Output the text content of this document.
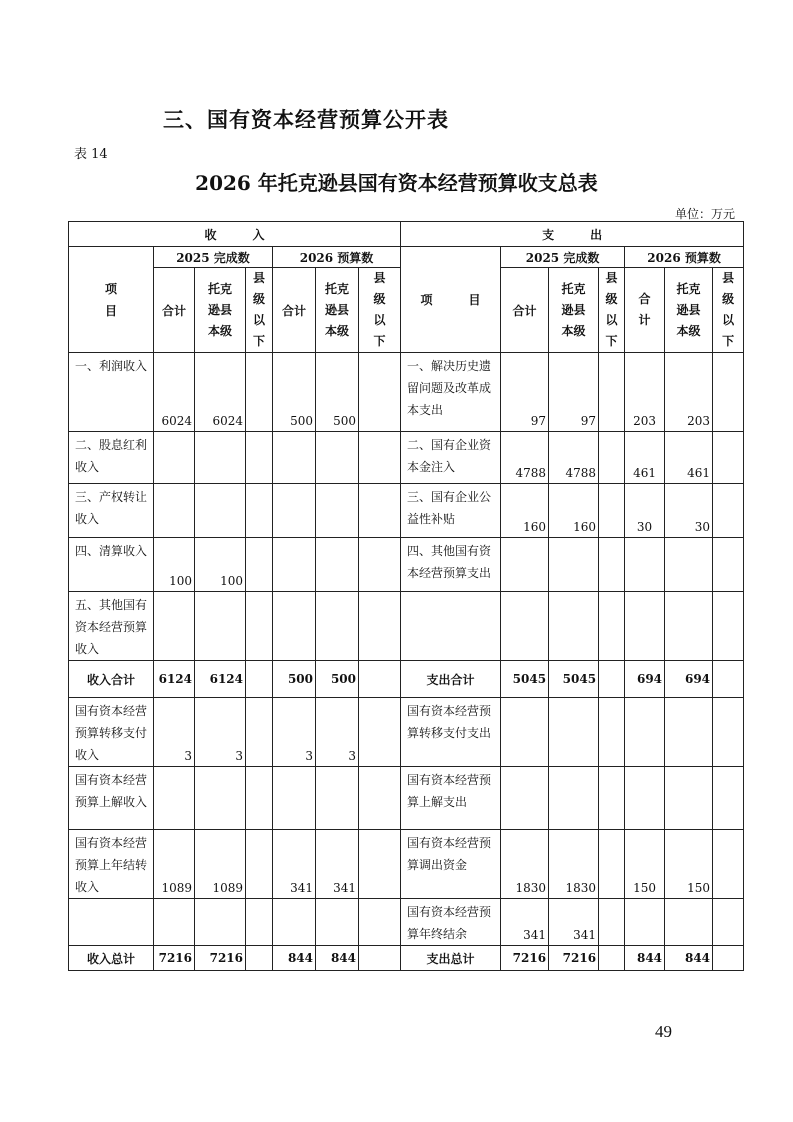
三、国有资本经营预算公开表
表 14
2026 年托克逊县国有资本经营预算收支总表
单位：万元
收　　　入							支　　　出						
项
目	2025 完成数			2026 预算数			项　　　目	2025 完成数			2026 预算数		
	合计	托克
逊县
本级	县
级
以
下	合计	托克
逊县
本级	县
级
以
下		合计	托克
逊县
本级	县
级
以
下	合
计	托克
逊县
本级	县
级
以
下
一、利润收入	6024	6024		500	500		一、解决历史遗留问题及改革成本支出	97	97		203	203	
二、股息红利收入							二、国有企业资本金注入	4788	4788		461	461	
三、产权转让收入							三、国有企业公益性补贴	160	160		30	30	
四、清算收入	100	100					四、其他国有资本经营预算支出						
五、其他国有资本经营预算收入													
收入合计	6124	6124		500	500		支出合计	5045	5045		694	694	
国有资本经营预算转移支付收入	3	3		3	3		国有资本经营预算转移支付支出						
国有资本经营预算上解收入							国有资本经营预算上解支出						
国有资本经营预算上年结转收入	1089	1089		341	341		国有资本经营预算调出资金	1830	1830		150	150	
							国有资本经营预算年终结余	341	341				
收入总计	7216	7216		844	844		支出总计	7216	7216		844	844	
49
